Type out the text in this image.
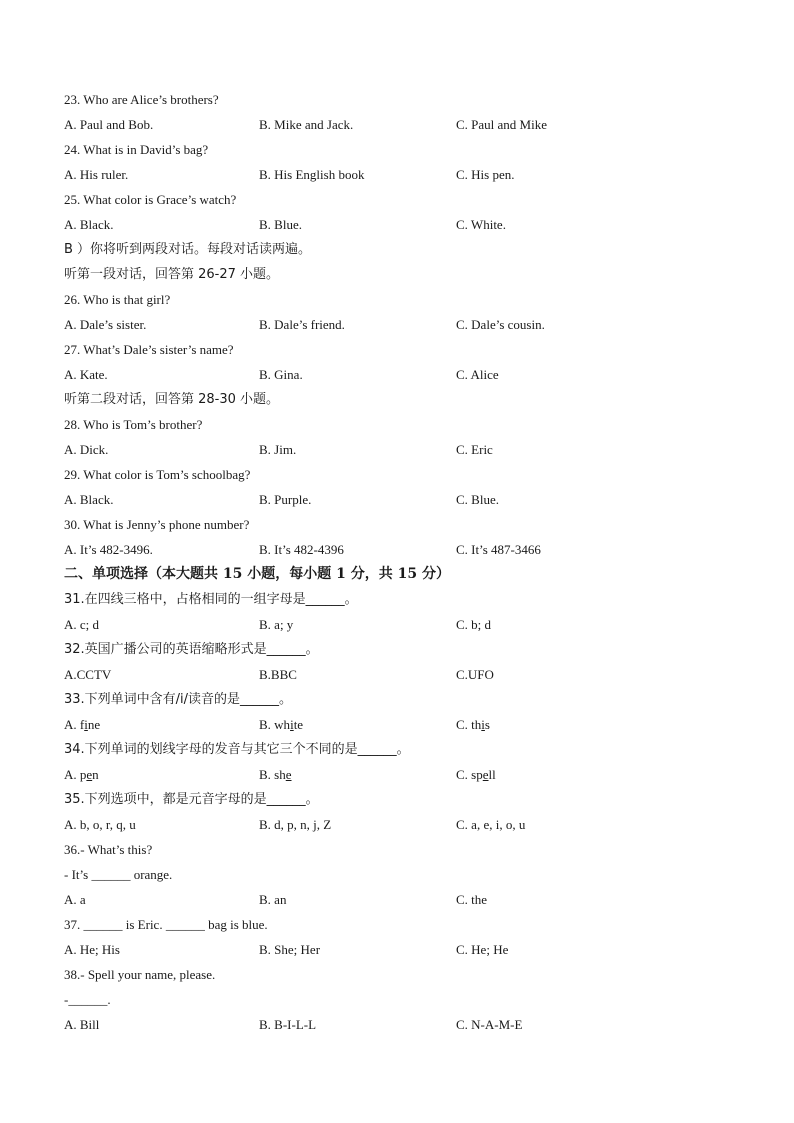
23. Who are Alice’s brothers?
A. Paul and Bob.	B. Mike and Jack.	C. Paul and Mike
24. What is in David’s bag?
A. His ruler.	B. His English book	C. His pen.
25. What color is Grace’s watch?
A. Black.	B. Blue.	C. White.
B ）你将听到两段对话。每段对话读两遍。
听第一段对话，回答第 26-27 小题。
26. Who is that girl?
A. Dale’s sister.	B. Dale’s friend.	C. Dale’s cousin.
27. What’s Dale’s sister’s name?
A. Kate.	B. Gina.	C. Alice
听第二段对话，回答第 28-30 小题。
28. Who is Tom’s brother?
A. Dick.	B. Jim.	C. Eric
29. What color is Tom’s schoolbag?
A. Black.	B. Purple.	C. Blue.
30. What is Jenny’s phone number?
A. It’s 482-3496.	B. It’s 482-4396	C. It’s 487-3466
二、单项选择（本大题共 15 小题，每小题 1 分，共 15 分）
31.在四线三格中，占格相同的一组字母是______。
A. c; d	B. a; y	C. b; d
32.英国广播公司的英语缩略形式是______。
A.CCTV	B.BBC	C.UFO
33.下列单词中含有/i/读音的是______。
A. fine	B. white	C. this
34.下列单词的划线字母的发音与其它三个不同的是______。
A. pen	B. she	C. spell
35.下列选项中，都是元音字母的是______。
A. b, o, r, q, u	B. d, p, n, j, Z	C. a, e, i, o, u
36.- What’s this?
- It’s ______ orange.
A. a	B. an	C. the
37. ______ is Eric. ______ bag is blue.
A. He; His	B. She; Her	C. He; He
38.- Spell your name, please.
-______.
A. Bill	B. B-I-L-L	C. N-A-M-E
